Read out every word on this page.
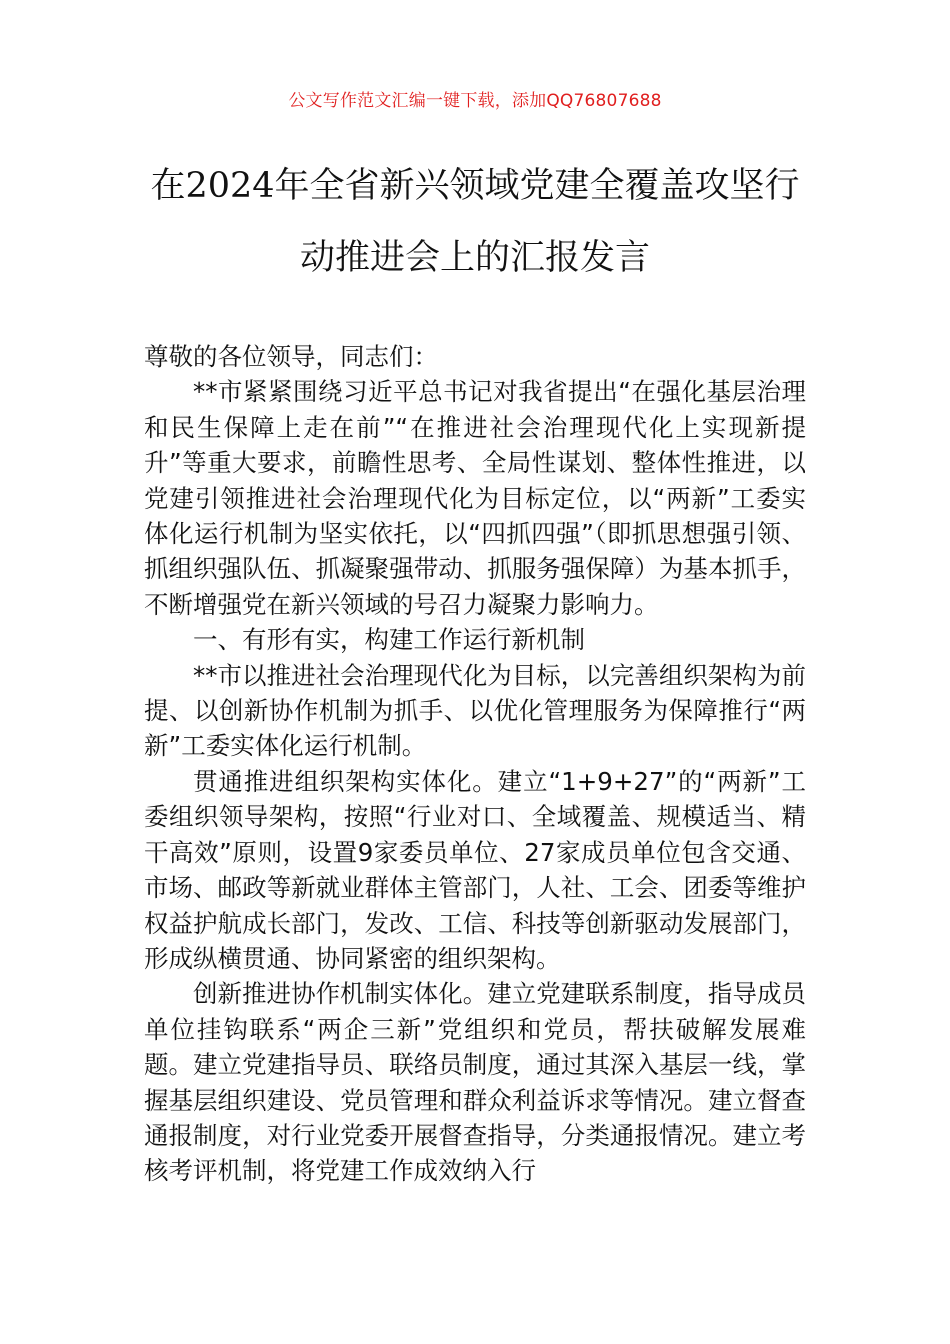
公文写作范文汇编一键下载，添加QQ76807688
在2024年全省新兴领域党建全覆盖攻坚行动推进会上的汇报发言

尊敬的各位领导，同志们：

**市紧紧围绕习近平总书记对我省提出“在强化基层治理和民生保障上走在前”“在推进社会治理现代化上实现新提升”等重大要求，前瞻性思考、全局性谋划、整体性推进，以党建引领推进社会治理现代化为目标定位，以“两新”工委实体化运行机制为坚实依托，以“四抓四强”（即抓思想强引领、抓组织强队伍、抓凝聚强带动、抓服务强保障）为基本抓手，不断增强党在新兴领域的号召力凝聚力影响力。

一、有形有实，构建工作运行新机制

**市以推进社会治理现代化为目标，以完善组织架构为前提、以创新协作机制为抓手、以优化管理服务为保障推行“两新”工委实体化运行机制。

贯通推进组织架构实体化。建立“1+9+27”的“两新”工委组织领导架构，按照“行业对口、全域覆盖、规模适当、精干高效”原则，设置9家委员单位、27家成员单位包含交通、市场、邮政等新就业群体主管部门，人社、工会、团委等维护权益护航成长部门，发改、工信、科技等创新驱动发展部门，形成纵横贯通、协同紧密的组织架构。

创新推进协作机制实体化。建立党建联系制度，指导成员单位挂钩联系“两企三新”党组织和党员，帮扶破解发展难题。建立党建指导员、联络员制度，通过其深入基层一线，掌握基层组织建设、党员管理和群众利益诉求等情况。建立督查通报制度，对行业党委开展督查指导，分类通报情况。建立考核考评机制，将党建工作成效纳入行
